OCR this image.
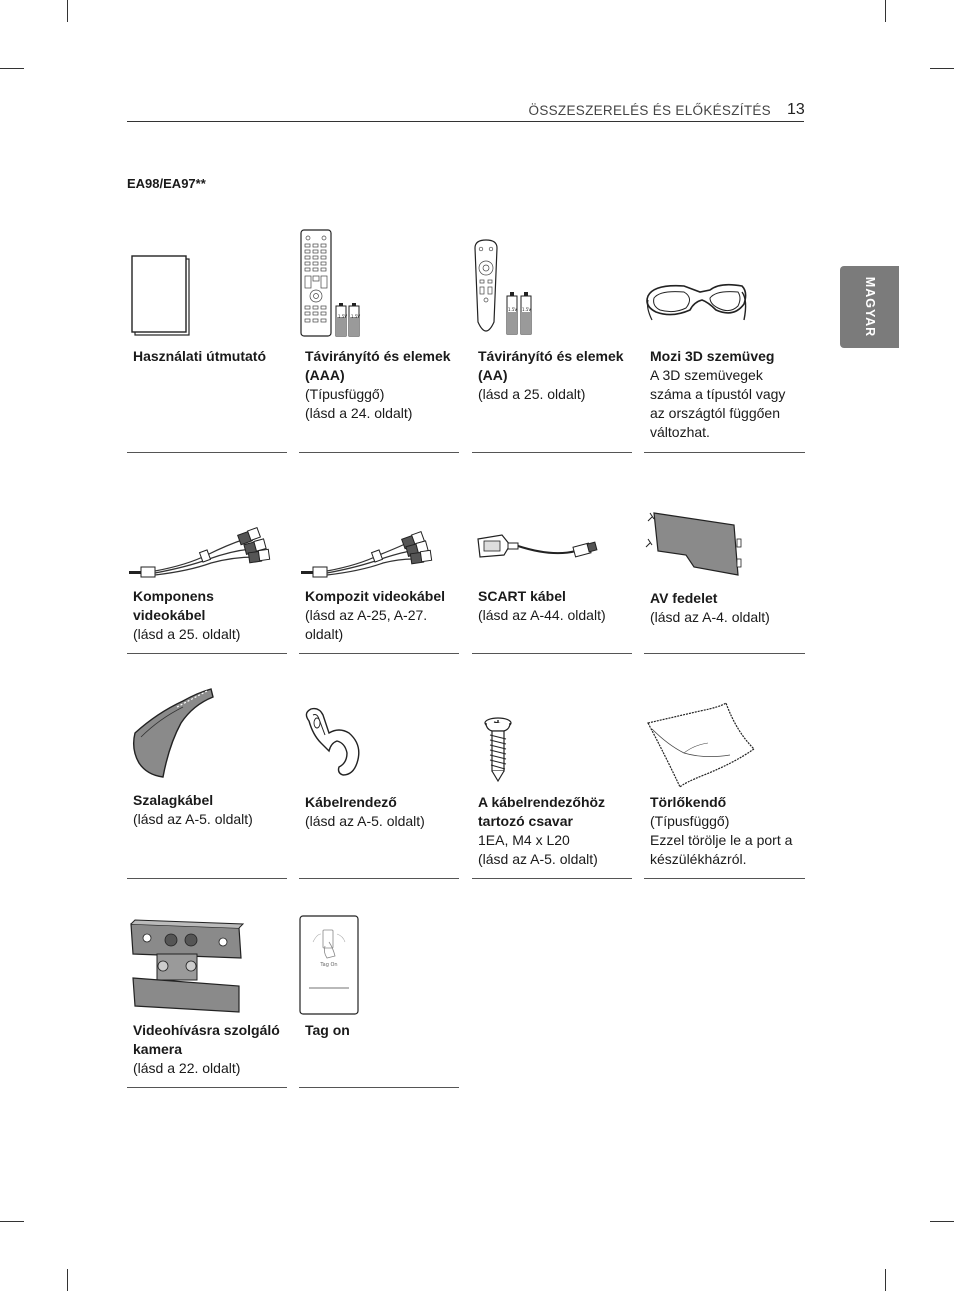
ÖSSZESZERELÉS ÉS ELŐKÉSZÍTÉS 13
EA98/EA97**
MAGYAR
Használati útmutató
1.5V 1.5V
Távirányító és elemek (AAA)
(Típusfüggő)
(lásd a 24. oldalt)
1.5V 1.5V
Távirányító és elemek (AA)
(lásd a 25. oldalt)
Mozi 3D szemüveg
A 3D szemüvegek száma a típustól vagy az országtól függően változhat.
Komponens videokábel
(lásd a 25. oldalt)
Kompozit videokábel
(lásd az A-25, A-27. oldalt)
SCART kábel
(lásd az A-44. oldalt)
AV fedelet
(lásd az A-4. oldalt)
Szalagkábel
(lásd az A-5. oldalt)
Kábelrendező
(lásd az A-5. oldalt)
A kábelrendezőhöz tartozó csavar
1EA, M4 x L20
(lásd az A-5. oldalt)
Törlőkendő
(Típusfüggő)
Ezzel törölje le a port a készülékházról.
Videohívásra szolgáló kamera
(lásd a 22. oldalt)
Tag On
Tag on
